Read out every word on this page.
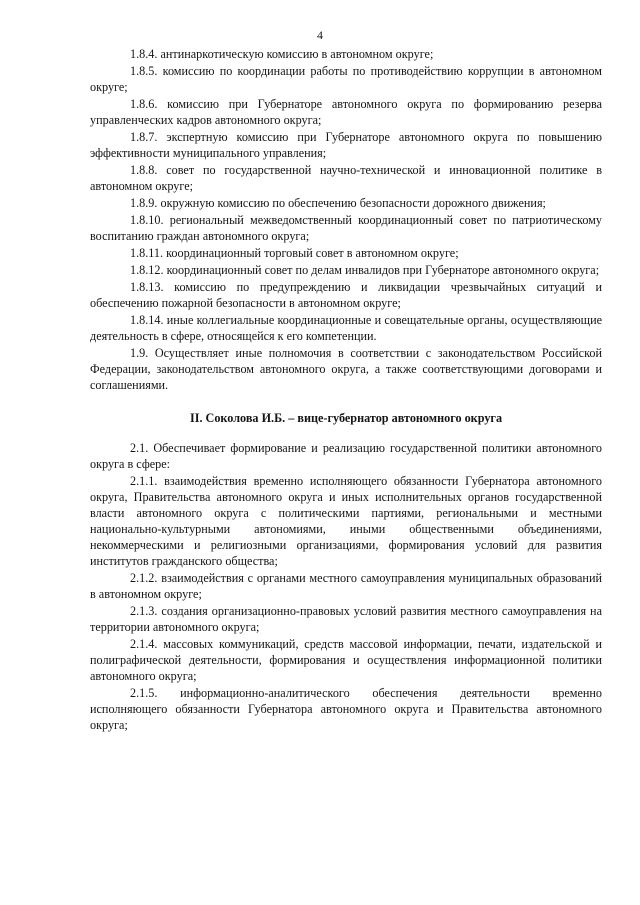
4

1.8.4. антинаркотическую комиссию в автономном округе;

1.8.5. комиссию по координации работы по противодействию коррупции в автономном округе;

1.8.6. комиссию при Губернаторе автономного округа по формированию резерва управленческих кадров автономного округа;

1.8.7. экспертную комиссию при Губернаторе автономного округа по повышению эффективности муниципального управления;

1.8.8. совет по государственной научно-технической и инновационной политике в автономном округе;

1.8.9. окружную комиссию по обеспечению безопасности дорожного движения;

1.8.10. региональный межведомственный координационный совет по патриотическому воспитанию граждан автономного округа;

1.8.11. координационный торговый совет в автономном округе;

1.8.12. координационный совет по делам инвалидов при Губернаторе автономного округа;

1.8.13. комиссию по предупреждению и ликвидации чрезвычайных ситуаций и обеспечению пожарной безопасности в автономном округе;

1.8.14. иные коллегиальные координационные и совещательные органы, осуществляющие деятельность в сфере, относящейся к его компетенции.

1.9. Осуществляет иные полномочия в соответствии с законодательством Российской Федерации, законодательством автономного округа, а также соответствующими договорами и соглашениями.

II. Соколова И.Б. – вице-губернатор автономного округа

2.1. Обеспечивает формирование и реализацию государственной политики автономного округа в сфере:

2.1.1. взаимодействия временно исполняющего обязанности Губернатора автономного округа, Правительства автономного округа и иных исполнительных органов государственной власти автономного округа с политическими партиями, региональными и местными национально-культурными автономиями, иными общественными объединениями, некоммерческими и религиозными организациями, формирования условий для развития институтов гражданского общества;

2.1.2. взаимодействия с органами местного самоуправления муниципальных образований в автономном округе;

2.1.3. создания организационно-правовых условий развития местного самоуправления на территории автономного округа;

2.1.4. массовых коммуникаций, средств массовой информации, печати, издательской и полиграфической деятельности, формирования и осуществления информационной политики автономного округа;

2.1.5. информационно-аналитического обеспечения деятельности временно исполняющего обязанности Губернатора автономного округа и Правительства автономного округа;
